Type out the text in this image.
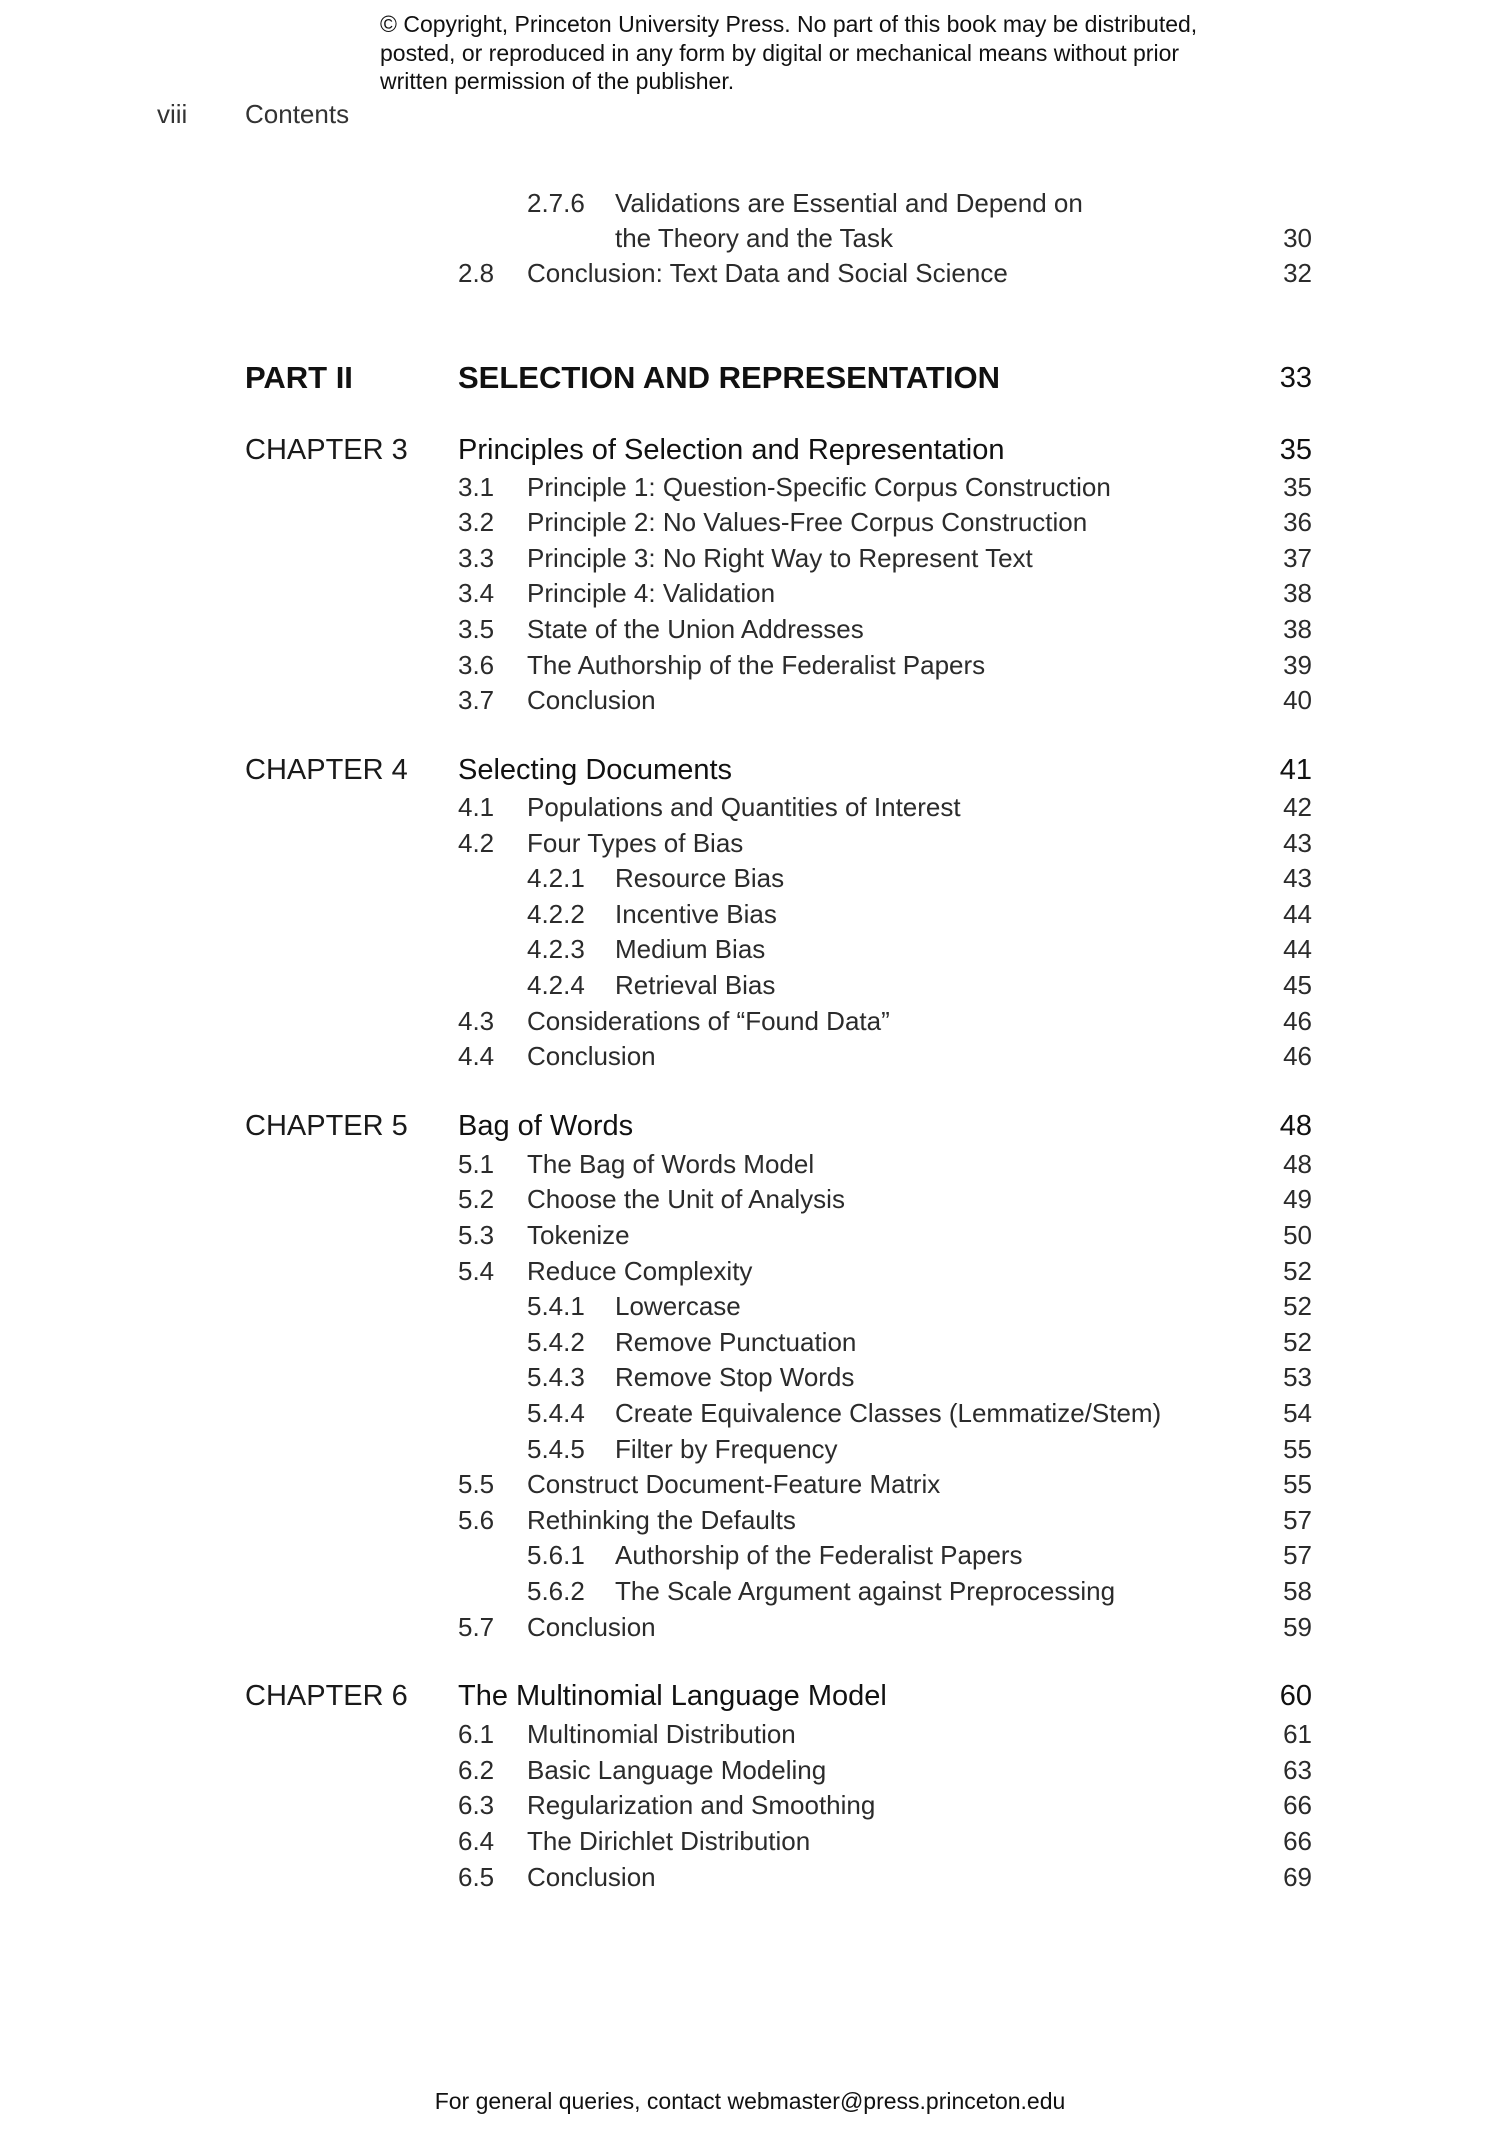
© Copyright, Princeton University Press. No part of this book may be distributed, posted, or reproduced in any form by digital or mechanical means without prior written permission of the publisher.
viii Contents
2.7.6 Validations are Essential and Depend on
the Theory and the Task	30
2.8 Conclusion: Text Data and Social Science	32
PART II	SELECTION AND REPRESENTATION	33
CHAPTER 3 Principles of Selection and Representation	35
3.1 Principle 1: Question-Specific Corpus Construction	35
3.2 Principle 2: No Values-Free Corpus Construction	36
3.3 Principle 3: No Right Way to Represent Text	37
3.4 Principle 4: Validation	38
3.5 State of the Union Addresses	38
3.6 The Authorship of the Federalist Papers	39
3.7 Conclusion	40
CHAPTER 4 Selecting Documents	41
4.1 Populations and Quantities of Interest	42
4.2 Four Types of Bias	43
4.2.1 Resource Bias	43
4.2.2 Incentive Bias	44
4.2.3 Medium Bias	44
4.2.4 Retrieval Bias	45
4.3 Considerations of “Found Data”	46
4.4 Conclusion	46
CHAPTER 5 Bag of Words	48
5.1 The Bag of Words Model	48
5.2 Choose the Unit of Analysis	49
5.3 Tokenize	50
5.4 Reduce Complexity	52
5.4.1 Lowercase	52
5.4.2 Remove Punctuation	52
5.4.3 Remove Stop Words	53
5.4.4 Create Equivalence Classes (Lemmatize/Stem)	54
5.4.5 Filter by Frequency	55
5.5 Construct Document-Feature Matrix	55
5.6 Rethinking the Defaults	57
5.6.1 Authorship of the Federalist Papers	57
5.6.2 The Scale Argument against Preprocessing	58
5.7 Conclusion	59
CHAPTER 6 The Multinomial Language Model	60
6.1 Multinomial Distribution	61
6.2 Basic Language Modeling	63
6.3 Regularization and Smoothing	66
6.4 The Dirichlet Distribution	66
6.5 Conclusion	69
For general queries, contact webmaster@press.princeton.edu
